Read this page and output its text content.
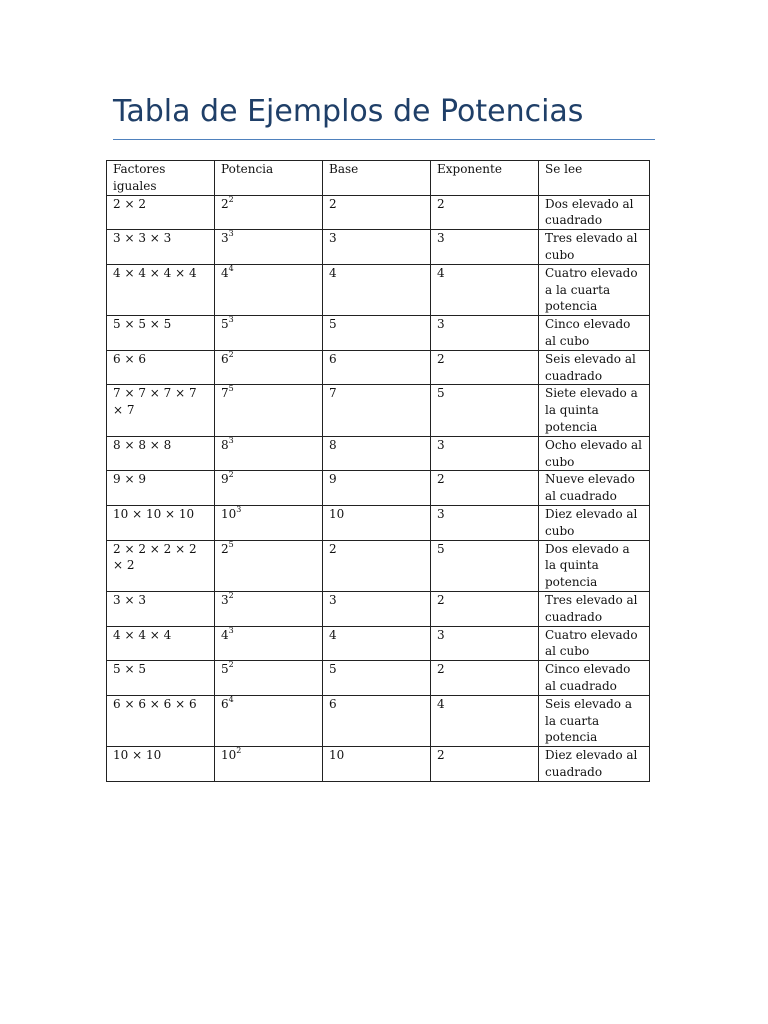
Tabla de Ejemplos de Potencias
Factores iguales	Potencia	Base	Exponente	Se lee
2 × 2	$2^2$	2	2	Dos elevado al cuadrado
3 × 3 × 3	$3^3$	3	3	Tres elevado al cubo
4 × 4 × 4 × 4	$4^4$	4	4	Cuatro elevado a la cuarta potencia
5 × 5 × 5	$5^3$	5	3	Cinco elevado al cubo
6 × 6	$6^2$	6	2	Seis elevado al cuadrado
7 × 7 × 7 × 7 × 7	$7^5$	7	5	Siete elevado a la quinta potencia
8 × 8 × 8	$8^3$	8	3	Ocho elevado al cubo
9 × 9	$9^2$	9	2	Nueve elevado al cuadrado
10 × 10 × 10	$10^3$	10	3	Diez elevado al cubo
2 × 2 × 2 × 2 × 2	$2^5$	2	5	Dos elevado a la quinta potencia
3 × 3	$3^2$	3	2	Tres elevado al cuadrado
4 × 4 × 4	$4^3$	4	3	Cuatro elevado al cubo
5 × 5	$5^2$	5	2	Cinco elevado al cuadrado
6 × 6 × 6 × 6	$6^4$	6	4	Seis elevado a la cuarta potencia
10 × 10	$10^2$	10	2	Diez elevado al cuadrado
